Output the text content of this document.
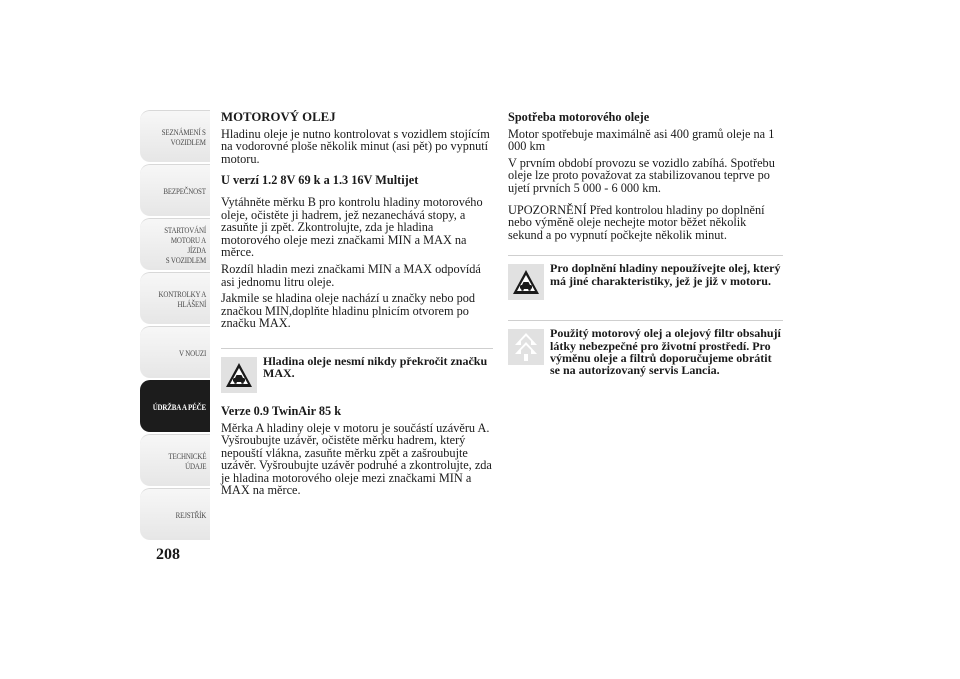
SEZNÁMENÍ S
VOZIDLEM
BEZPEČNOST
STARTOVÁNÍ
MOTORU A JÍZDA
S VOZIDLEM
KONTROLKY A
HLÁŠENÍ
V NOUZI
ÚDRŽBA A PÉČE
TECHNICKÉ
ÚDAJE
REJSTŘÍK
208
MOTOROVÝ OLEJ

Hladinu oleje je nutno kontrolovat s vozidlem stojícím na vodorovné ploše několik minut (asi pět) po vypnutí motoru.

U verzí 1.2 8V 69 k a 1.3 16V Multijet

Vytáhněte měrku B pro kontrolu hladiny motorového oleje, očistěte ji hadrem, jež nezanechává stopy, a zasuňte ji zpět. Zkontrolujte, zda je hladina motorového oleje mezi značkami MIN a MAX na měrce.

Rozdíl hladin mezi značkami MIN a MAX odpovídá asi jednomu litru oleje.

Jakmile se hladina oleje nachází u značky nebo pod značkou MIN,doplňte hladinu plnicím otvorem po značku MAX.

Hladina oleje nesmí nikdy překročit značku MAX.
Verze 0.9 TwinAir 85 k

Měrka A hladiny oleje v motoru je součástí uzávěru A. Vyšroubujte uzávěr, očistěte měrku hadrem, který nepouští vlákna, zasuňte měrku zpět a zašroubujte uzávěr. Vyšroubujte uzávěr podruhé a zkontrolujte, zda je hladina motorového oleje mezi značkami MIN a MAX na měrce.

Spotřeba motorového oleje

Motor spotřebuje maximálně asi 400 gramů oleje na 1 000 km

V prvním období provozu se vozidlo zabíhá. Spotřebu oleje lze proto považovat za stabilizovanou teprve po ujetí prvních 5 000 - 6 000 km.

UPOZORNĚNÍ Před kontrolou hladiny po doplnění nebo výměně oleje nechejte motor běžet několik sekund a po vypnutí počkejte několik minut.

Pro doplnění hladiny nepoužívejte olej, který má jiné charakteristiky, jež je již v motoru.
Použitý motorový olej a olejový filtr obsahují látky nebezpečné pro životní prostředí. Pro výměnu oleje a filtrů doporučujeme obrátit se na autorizovaný servis Lancia.
